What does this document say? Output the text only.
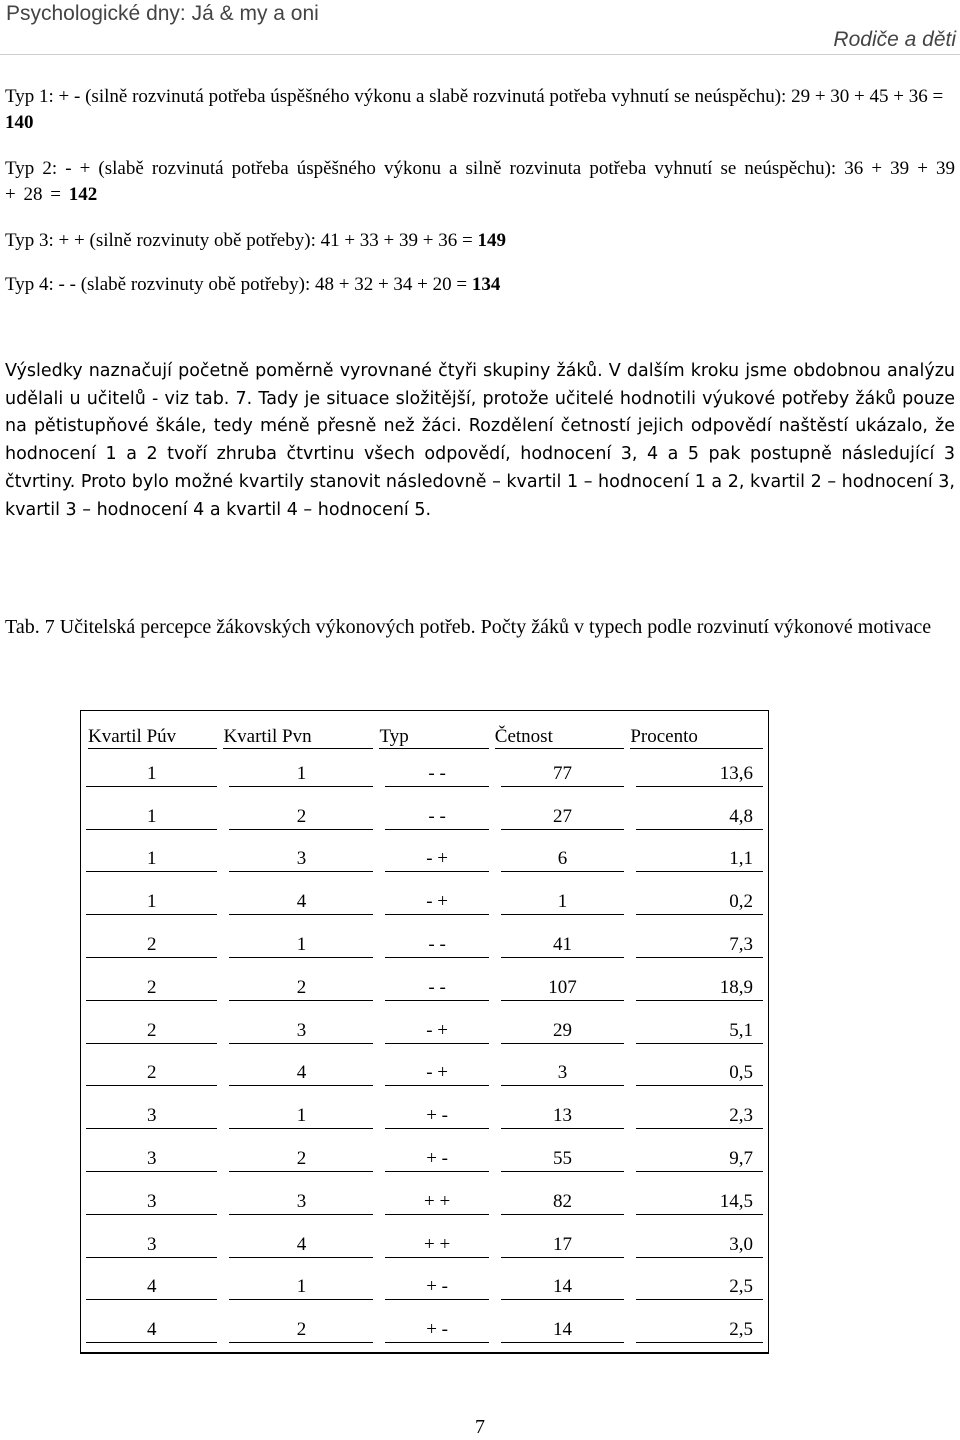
Psychologické dny: Já & my a oni
Rodiče a děti

Typ 1: + - (silně rozvinutá potřeba úspěšného výkonu a slabě rozvinutá potřeba vyhnutí se neúspěchu): 29 + 30 + 45 + 36 = 140

Typ 2: - + (slabě rozvinutá potřeba úspěšného výkonu a silně rozvinuta potřeba vyhnutí se neúspěchu): 36 + 39 + 39 + 28 = 142

Typ 3: + + (silně rozvinuty obě potřeby): 41 + 33 + 39 + 36 = 149

Typ 4: - - (slabě rozvinuty obě potřeby): 48 + 32 + 34 + 20 = 134

Výsledky naznačují početně poměrně vyrovnané čtyři skupiny žáků. V dalším kroku jsme obdobnou analýzu udělali u učitelů - viz tab. 7. Tady je situace složitější, protože učitelé hodnotili výukové potřeby žáků pouze na pětistupňové škále, tedy méně přesně než žáci. Rozdělení četností jejich odpovědí naštěstí ukázalo, že hodnocení 1 a 2 tvoří zhruba čtvrtinu všech odpovědí, hodnocení 3, 4 a 5 pak postupně následující 3 čtvrtiny. Proto bylo možné kvartily stanovit následovně – kvartil 1 – hodnocení 1 a 2, kvartil 2 – hodnocení 3, kvartil 3 – hodnocení 4 a kvartil 4 – hodnocení 5.

Tab. 7 Učitelská percepce žákovských výkonových potřeb. Počty žáků v typech podle rozvinutí výkonové motivace

Kvartil Púv	Kvartil Pvn	Typ	Četnost	Procento

1	1	- -	77	13,6

1	2	- -	27	4,8

1	3	- +	6	1,1

1	4	- +	1	0,2

2	1	- -	41	7,3

2	2	- -	107	18,9

2	3	- +	29	5,1

2	4	- +	3	0,5

3	1	+ -	13	2,3

3	2	+ -	55	9,7

3	3	+ +	82	14,5

3	4	+ +	17	3,0

4	1	+ -	14	2,5

4	2	+ -	14	2,5
7
